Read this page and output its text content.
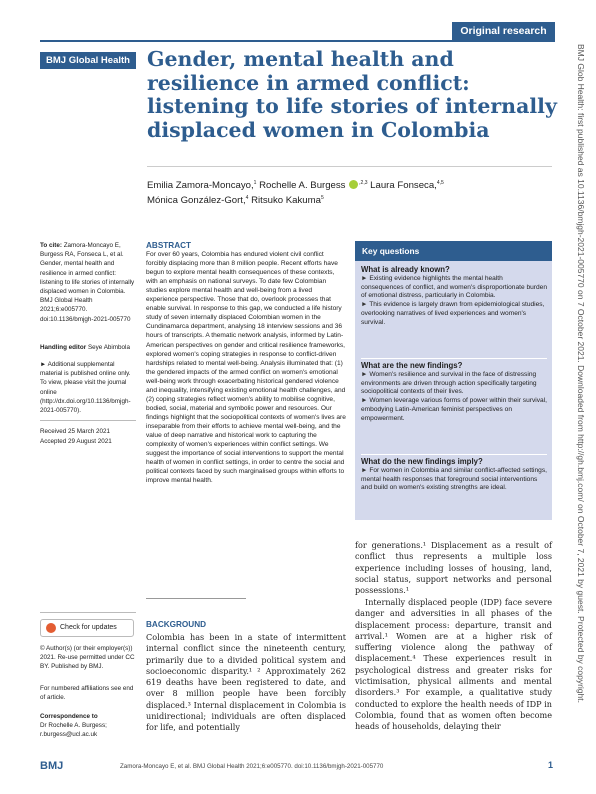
Original research
BMJ Global Health Gender, mental health and resilience in armed conflict: listening to life stories of internally displaced women in Colombia
Emilia Zamora-Moncayo,$^1$ Rochelle A. Burgess	$^{,2,3}$ Laura Fonseca,$^{4,5}$
Mónica González-Gort,$^4$ Ritsuko Kakuma$^5$
To cite: Zamora-Moncayo E, Burgess RA, Fonseca L, et al. Gender, mental health and resilience in armed conflict: listening to life stories of internally displaced women in Colombia. BMJ Global Health 2021;6:e005770. doi:10.1136/bmjgh-2021-005770
Handling editor Seye Abimbola
► Additional supplemental material is published online only. To view, please visit the journal online (http://dx.doi.org/10.1136/bmjgh-2021-005770).
Received 25 March 2021
Accepted 29 August 2021
Check for updates
© Author(s) (or their employer(s)) 2021. Re-use permitted under CC BY. Published by BMJ.
For numbered affiliations see end of article.
Correspondence to
Dr Rochelle A. Burgess; r.burgess@ucl.ac.uk
ABSTRACT
For over 60 years, Colombia has endured violent civil conflict forcibly displacing more than 8 million people. Recent efforts have begun to explore mental health consequences of these contexts, with an emphasis on national surveys. To date few Colombian studies explore mental health and well-being from a lived experience perspective. Those that do, overlook processes that enable survival. In response to this gap, we conducted a life history study of seven internally displaced Colombian women in the Cundinamarca department, analysing 18 interview sessions and 36 hours of transcripts. A thematic network analysis, informed by Latin-American perspectives on gender and critical resilience frameworks, explored women's coping strategies in response to conflict-driven hardships related to mental well-being. Analysis illuminated that: (1) the gendered impacts of the armed conflict on women's emotional well-being work through exacerbating historical gendered violence and inequality, intensifying existing emotional health challenges, and (2) coping strategies reflect women's ability to mobilise cognitive, bodied, social, material and symbolic power and resources. Our findings highlight that the sociopolitical contexts of women's lives are inseparable from their efforts to achieve mental well-being, and the value of deep narrative and historical work to capturing the complexity of women's experiences within conflict settings. We suggest the importance of social interventions to support the mental health of women in conflict settings, in order to centre the social and political contexts faced by such marginalised groups within efforts to improve mental health.
Key questions
What is already known?
► Existing evidence highlights the mental health consequences of conflict, and women's disproportionate burden of emotional distress, particularly in Colombia.
► This evidence is largely drawn from epidemiological studies, overlooking narratives of lived experiences and women's survival.
What are the new findings?
► Women's resilience and survival in the face of distressing environments are driven through action specifically targeting sociopolitical contexts of their lives.
► Women leverage various forms of power within their survival, embodying Latin-American feminist perspectives on empowerment.
What do the new findings imply?
► For women in Colombia and similar conflict-affected settings, mental health responses that foreground social interventions and build on women's existing strengths are ideal.
BACKGROUND
Colombia has been in a state of intermittent internal conflict since the nineteenth century, primarily due to a divided political system and socioeconomic disparity.¹ ² Approximately 262 619 deaths have been registered to date, and over 8 million people have been forcibly displaced.³ Internal displacement in Colombia is unidirectional; individuals are often displaced for life, and potentially
for generations.¹ Displacement as a result of conflict thus represents a multiple loss experience including losses of housing, land, social status, support networks and personal possessions.¹
Internally displaced people (IDP) face severe danger and adversities in all phases of the displacement process: departure, transit and arrival.¹ Women are at a higher risk of suffering violence along the pathway of displacement.⁴ These experiences result in psychological distress and greater risks for victimisation, physical ailments and mental disorders.³ For example, a qualitative study conducted to explore the health needs of IDP in Colombia, found that as women often become heads of households, delaying their
BMJ	Zamora-Moncayo E, et al. BMJ Global Health 2021;6:e005770. doi:10.1136/bmjgh-2021-005770	1
BMJ Glob Health: first published as 10.1136/bmjgh-2021-005770 on 7 October 2021. Downloaded from http://gh.bmj.com/ on October 7, 2021 by guest. Protected by copyright.
